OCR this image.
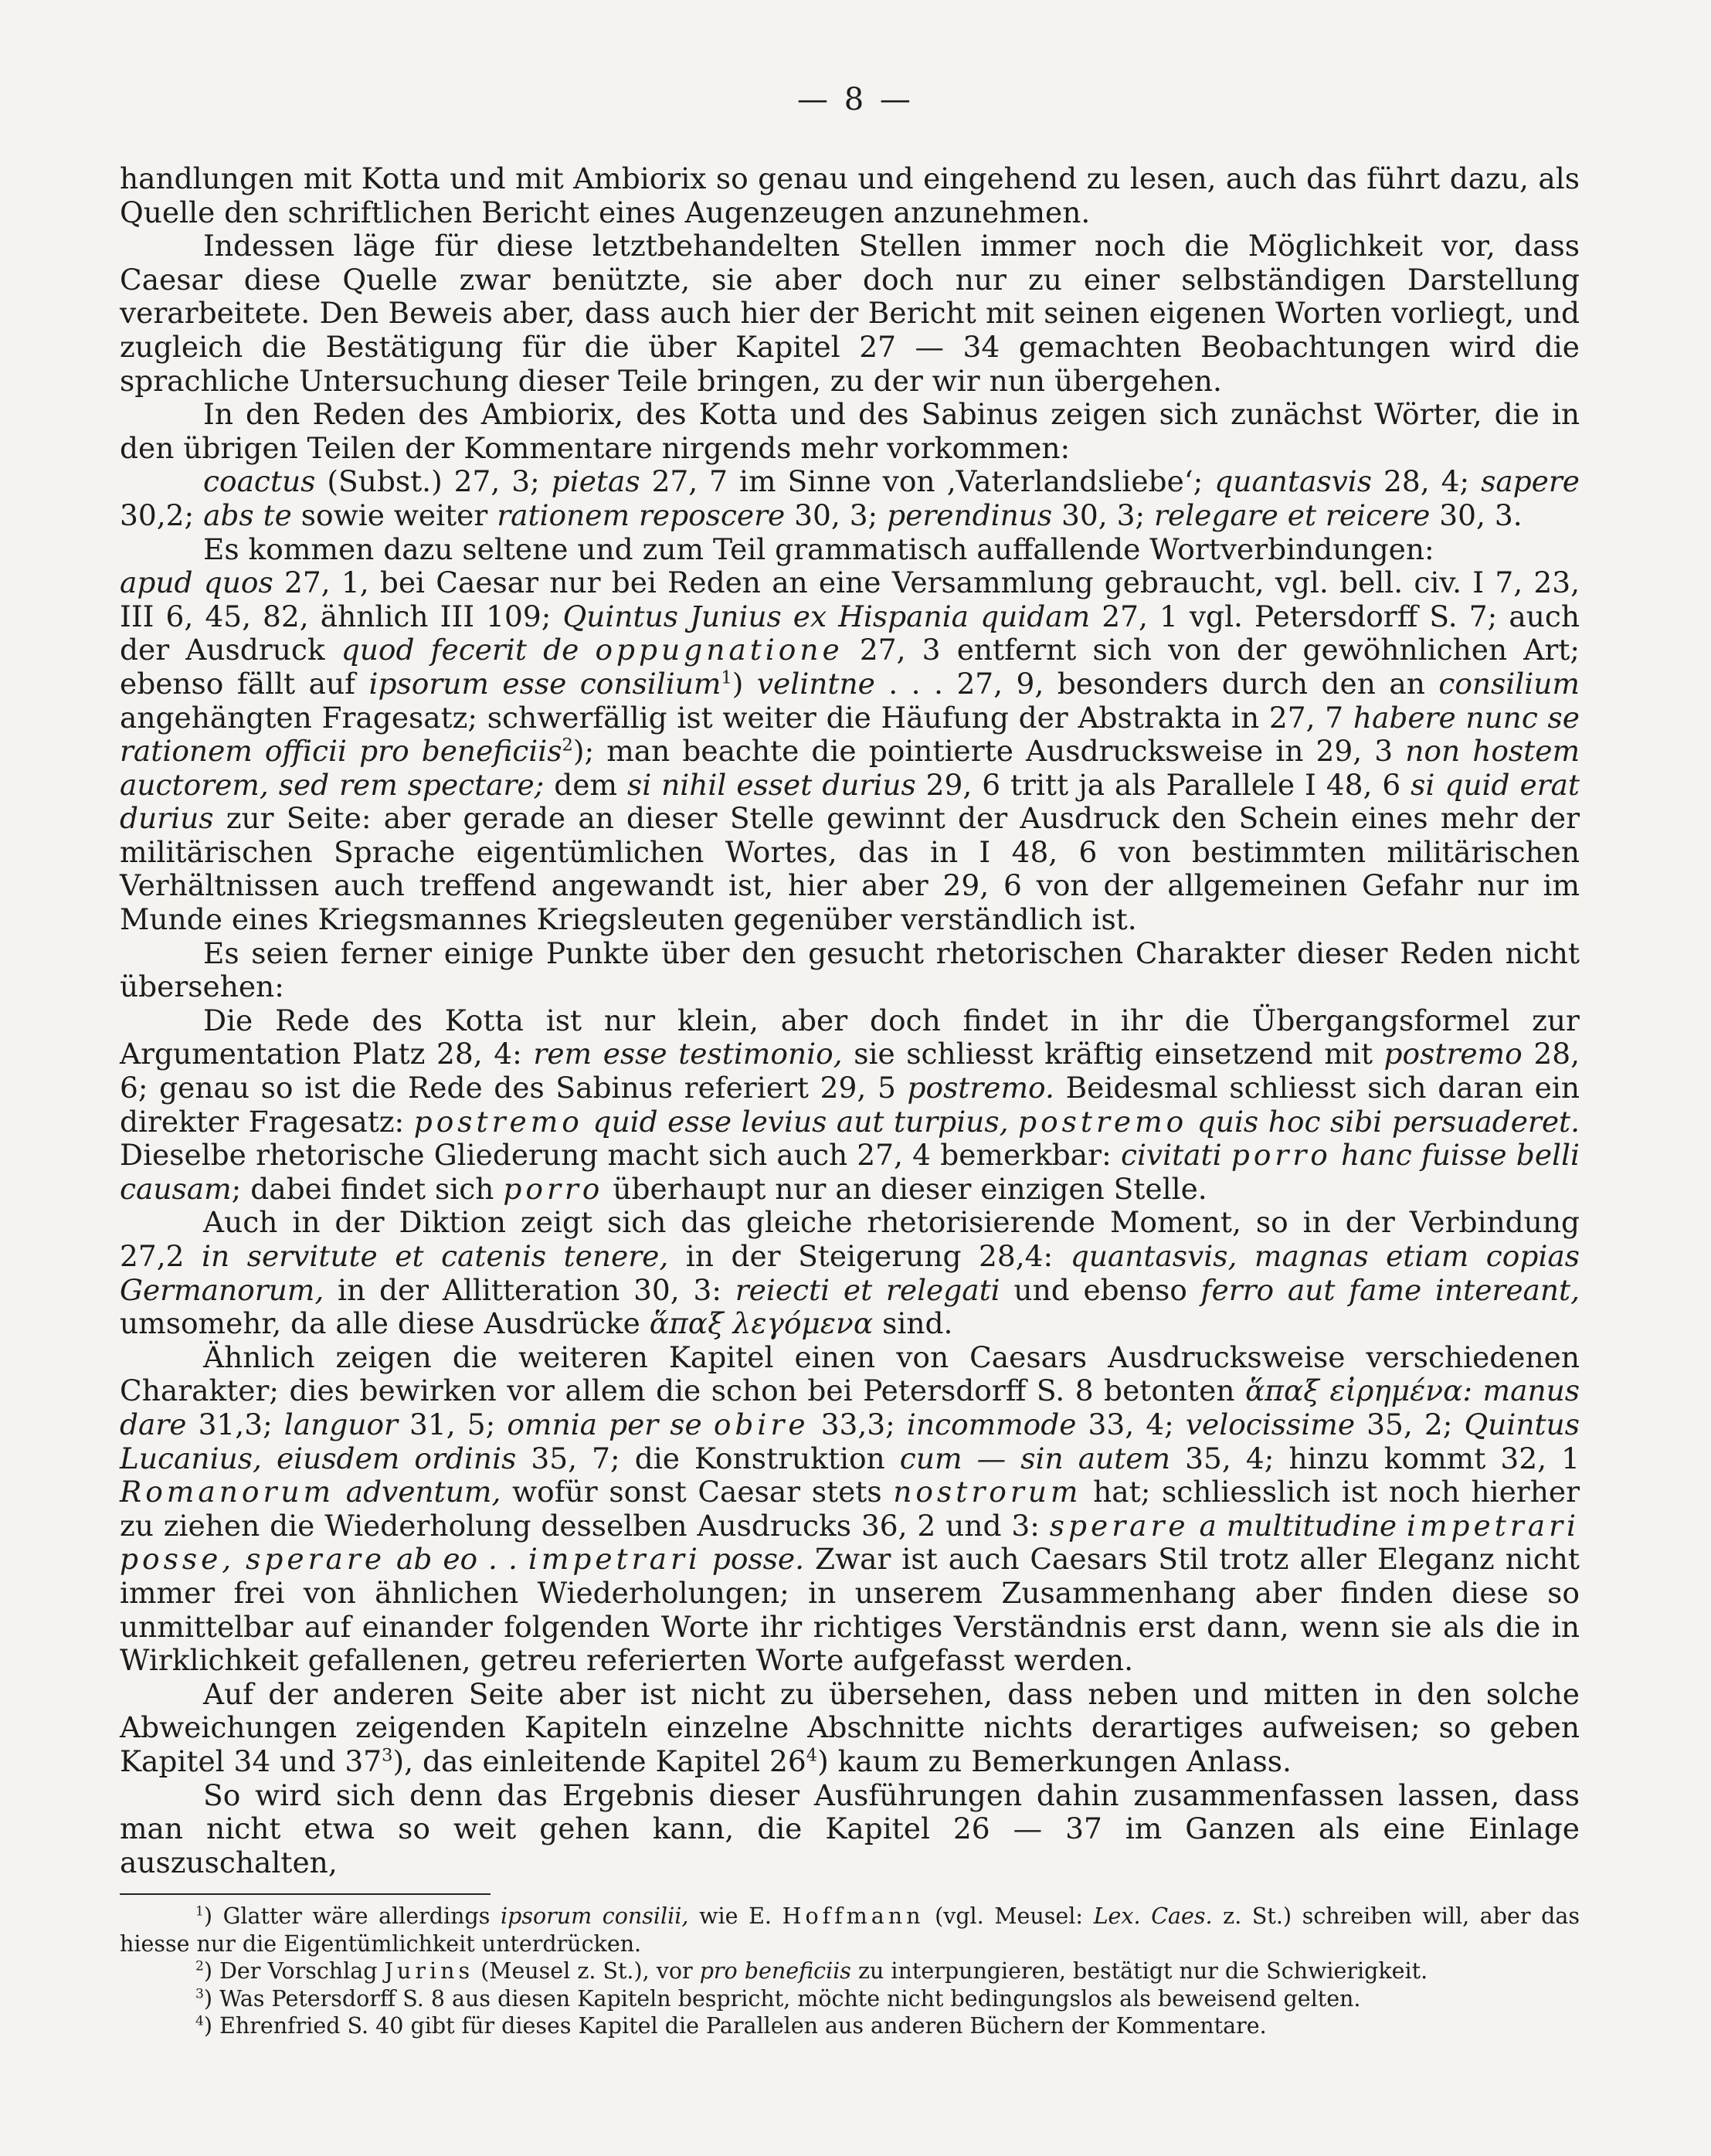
— 8 —

handlungen mit Kotta und mit Ambiorix so genau und eingehend zu lesen, auch das führt dazu, als Quelle den schriftlichen Bericht eines Augenzeugen anzunehmen.

Indessen läge für diese letztbehandelten Stellen immer noch die Möglichkeit vor, dass Caesar diese Quelle zwar benützte, sie aber doch nur zu einer selbständigen Darstellung verarbeitete. Den Beweis aber, dass auch hier der Bericht mit seinen eigenen Worten vorliegt, und zugleich die Bestätigung für die über Kapitel 27 — 34 gemachten Beobachtungen wird die sprachliche Untersuchung dieser Teile bringen, zu der wir nun übergehen.

In den Reden des Ambiorix, des Kotta und des Sabinus zeigen sich zunächst Wörter, die in den übrigen Teilen der Kommentare nirgends mehr vorkommen:

coactus (Subst.) 27, 3; pietas 27, 7 im Sinne von ‚Vaterlandsliebe‘; quantasvis 28, 4; sapere 30,2; abs te sowie weiter rationem reposcere 30, 3; perendinus 30, 3; relegare et reicere 30, 3.

Es kommen dazu seltene und zum Teil grammatisch auffallende Wortverbindungen:

apud quos 27, 1, bei Caesar nur bei Reden an eine Versammlung gebraucht, vgl. bell. civ. I 7, 23, III 6, 45, 82, ähnlich III 109; Quintus Junius ex Hispania quidam 27, 1 vgl. Petersdorff S. 7; auch der Ausdruck quod fecerit de oppugnatione 27, 3 entfernt sich von der gewöhnlichen Art; ebenso fällt auf ipsorum esse consilium$^1$) velintne . . . 27, 9, besonders durch den an consilium angehängten Fragesatz; schwerfällig ist weiter die Häufung der Abstrakta in 27, 7 habere nunc se rationem officii pro beneficiis$^2$); man beachte die pointierte Ausdrucksweise in 29, 3 non hostem auctorem, sed rem spectare; dem si nihil esset durius 29, 6 tritt ja als Parallele I 48, 6 si quid erat durius zur Seite: aber gerade an dieser Stelle gewinnt der Ausdruck den Schein eines mehr der militärischen Sprache eigentümlichen Wortes, das in I 48, 6 von bestimmten militärischen Verhältnissen auch treffend angewandt ist, hier aber 29, 6 von der allgemeinen Gefahr nur im Munde eines Kriegsmannes Kriegsleuten gegenüber verständlich ist.

Es seien ferner einige Punkte über den gesucht rhetorischen Charakter dieser Reden nicht übersehen:

Die Rede des Kotta ist nur klein, aber doch findet in ihr die Übergangsformel zur Argumentation Platz 28, 4: rem esse testimonio, sie schliesst kräftig einsetzend mit postremo 28, 6; genau so ist die Rede des Sabinus referiert 29, 5 postremo. Beidesmal schliesst sich daran ein direkter Fragesatz: postremo quid esse levius aut turpius, postremo quis hoc sibi persuaderet. Dieselbe rhetorische Gliederung macht sich auch 27, 4 bemerkbar: civitati porro hanc fuisse belli causam; dabei findet sich porro überhaupt nur an dieser einzigen Stelle.

Auch in der Diktion zeigt sich das gleiche rhetorisierende Moment, so in der Verbindung 27,2 in servitute et catenis tenere, in der Steigerung 28,4: quantasvis, magnas etiam copias Germanorum, in der Allitteration 30, 3: reiecti et relegati und ebenso ferro aut fame intereant, umsomehr, da alle diese Ausdrücke ἅπαξ λεγόμενα sind.

Ähnlich zeigen die weiteren Kapitel einen von Caesars Ausdrucksweise verschiedenen Charakter; dies bewirken vor allem die schon bei Petersdorff S. 8 betonten ἅπαξ εἰρημένα: manus dare 31,3; languor 31, 5; omnia per se obire 33,3; incommode 33, 4; velocissime 35, 2; Quintus Lucanius, eiusdem ordinis 35, 7; die Konstruktion cum — sin autem 35, 4; hinzu kommt 32, 1 Romanorum adventum, wofür sonst Caesar stets nostrorum hat; schliesslich ist noch hierher zu ziehen die Wiederholung desselben Ausdrucks 36, 2 und 3: sperare a multitudine impetrari posse, sperare ab eo . . impetrari posse. Zwar ist auch Caesars Stil trotz aller Eleganz nicht immer frei von ähnlichen Wiederholungen; in unserem Zusammenhang aber finden diese so unmittelbar auf einander folgenden Worte ihr richtiges Verständnis erst dann, wenn sie als die in Wirklichkeit gefallenen, getreu referierten Worte aufgefasst werden.

Auf der anderen Seite aber ist nicht zu übersehen, dass neben und mitten in den solche Abweichungen zeigenden Kapiteln einzelne Abschnitte nichts derartiges aufweisen; so geben Kapitel 34 und $37^3$), das einleitende Kapitel $26^4$) kaum zu Bemerkungen Anlass.

So wird sich denn das Ergebnis dieser Ausführungen dahin zusammenfassen lassen, dass man nicht etwa so weit gehen kann, die Kapitel 26 — 37 im Ganzen als eine Einlage auszuschalten,

$^1$) Glatter wäre allerdings ipsorum consilii, wie E. Hoffmann (vgl. Meusel: Lex. Caes. z. St.) schreiben will, aber das hiesse nur die Eigentümlichkeit unterdrücken.

$^2$) Der Vorschlag Jurins (Meusel z. St.), vor pro beneficiis zu interpungieren, bestätigt nur die Schwierigkeit.

$^3$) Was Petersdorff S. 8 aus diesen Kapiteln bespricht, möchte nicht bedingungslos als beweisend gelten.

$^4$) Ehrenfried S. 40 gibt für dieses Kapitel die Parallelen aus anderen Büchern der Kommentare.
